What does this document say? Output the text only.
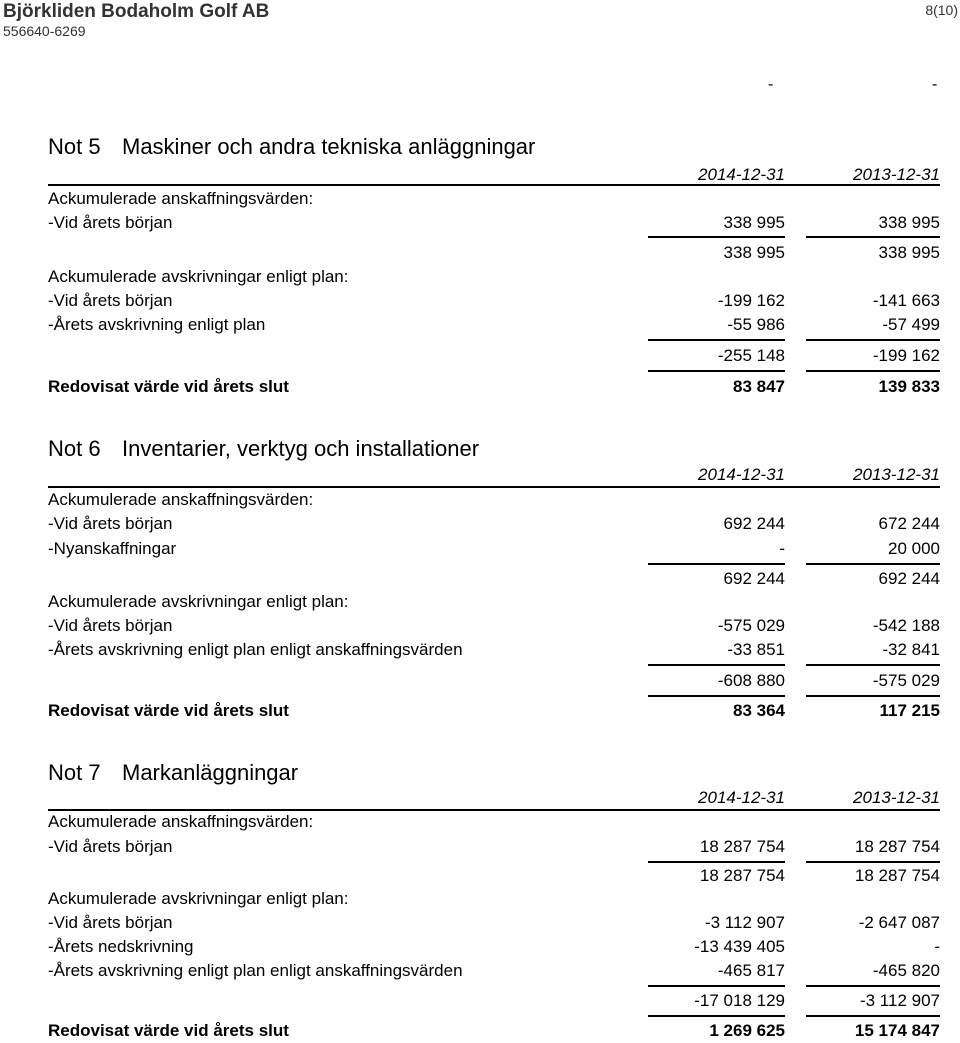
Björkliden Bodaholm Golf AB
556640-6269
8(10)
-	-
Not 5 Maskiner och andra tekniska anläggningar
2014-12-31	2013-12-31
Ackumulerade anskaffningsvärden:
-Vid årets början	338 995	338 995
338 995	338 995
Ackumulerade avskrivningar enligt plan:
-Vid årets början	-199 162	-141 663
-Årets avskrivning enligt plan	-55 986	-57 499
-255 148	-199 162
Redovisat värde vid årets slut	83 847	139 833
Not 6 Inventarier, verktyg och installationer
2014-12-31	2013-12-31
Ackumulerade anskaffningsvärden:
-Vid årets början	692 244	672 244
-Nyanskaffningar	-	20 000
692 244	692 244
Ackumulerade avskrivningar enligt plan:
-Vid årets början	-575 029	-542 188
-Årets avskrivning enligt plan enligt anskaffningsvärden	-33 851	-32 841
-608 880	-575 029
Redovisat värde vid årets slut	83 364	117 215
Not 7 Markanläggningar
2014-12-31	2013-12-31
Ackumulerade anskaffningsvärden:
-Vid årets början	18 287 754	18 287 754
18 287 754	18 287 754
Ackumulerade avskrivningar enligt plan:
-Vid årets början	-3 112 907	-2 647 087
-Årets nedskrivning	-13 439 405	-
-Årets avskrivning enligt plan enligt anskaffningsvärden	-465 817	-465 820
-17 018 129	-3 112 907
Redovisat värde vid årets slut	1 269 625	15 174 847
